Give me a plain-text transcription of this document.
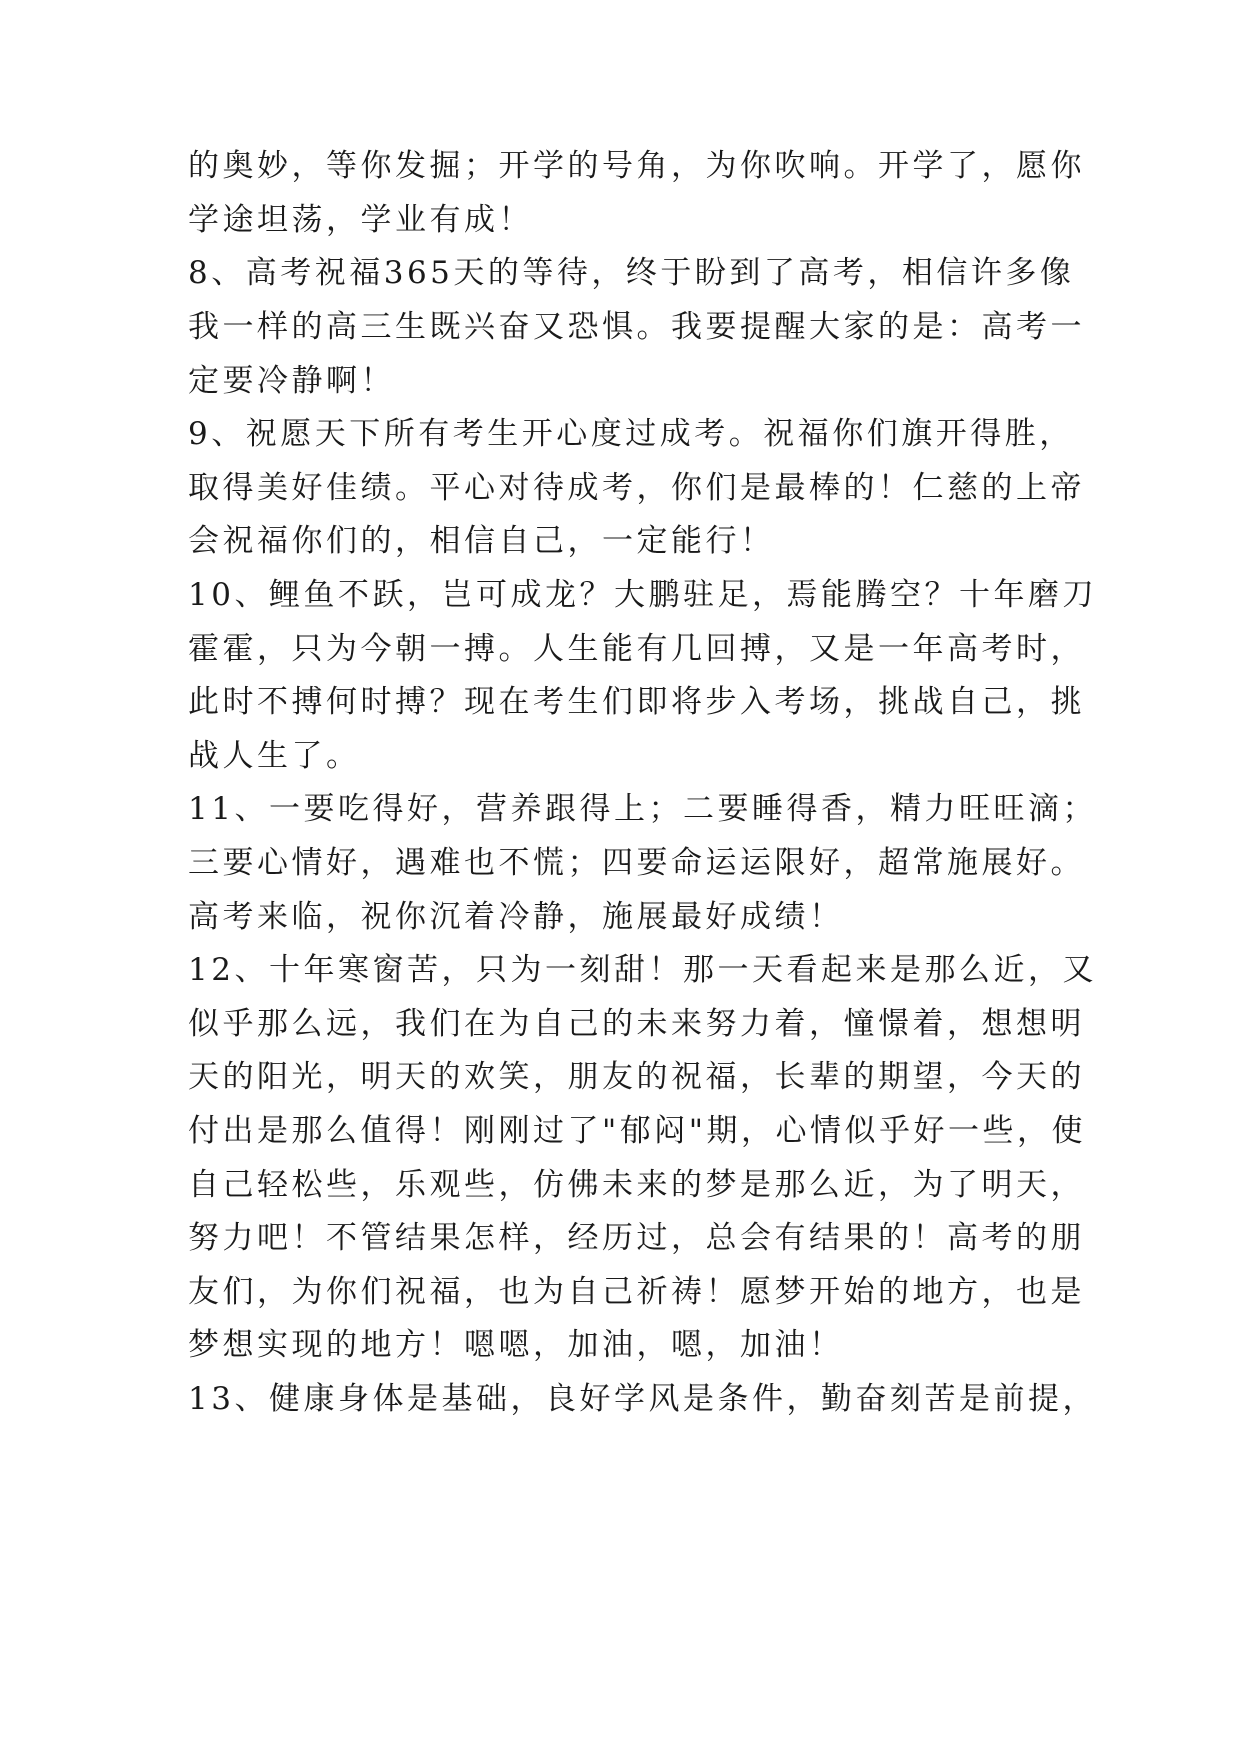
的奥妙，等你发掘；开学的号角，为你吹响。开学了，愿你
学途坦荡，学业有成！
8、高考祝福365天的等待，终于盼到了高考，相信许多像
我一样的高三生既兴奋又恐惧。我要提醒大家的是：高考一
定要冷静啊！
9、祝愿天下所有考生开心度过成考。祝福你们旗开得胜，
取得美好佳绩。平心对待成考，你们是最棒的！仁慈的上帝
会祝福你们的，相信自己，一定能行！
10、鲤鱼不跃，岂可成龙？大鹏驻足，焉能腾空？十年磨刀
霍霍，只为今朝一搏。人生能有几回搏，又是一年高考时，
此时不搏何时搏？现在考生们即将步入考场，挑战自己，挑
战人生了。
11、一要吃得好，营养跟得上；二要睡得香，精力旺旺滴；
三要心情好，遇难也不慌；四要命运运限好，超常施展好。
高考来临，祝你沉着冷静，施展最好成绩！
12、十年寒窗苦，只为一刻甜！那一天看起来是那么近，又
似乎那么远，我们在为自己的未来努力着，憧憬着，想想明
天的阳光，明天的欢笑，朋友的祝福，长辈的期望，今天的
付出是那么值得！刚刚过了"郁闷"期，心情似乎好一些，使
自己轻松些，乐观些，仿佛未来的梦是那么近，为了明天，
努力吧！不管结果怎样，经历过，总会有结果的！高考的朋
友们，为你们祝福，也为自己祈祷！愿梦开始的地方，也是
梦想实现的地方！嗯嗯，加油，嗯，加油！
13、健康身体是基础，良好学风是条件，勤奋刻苦是前提，
